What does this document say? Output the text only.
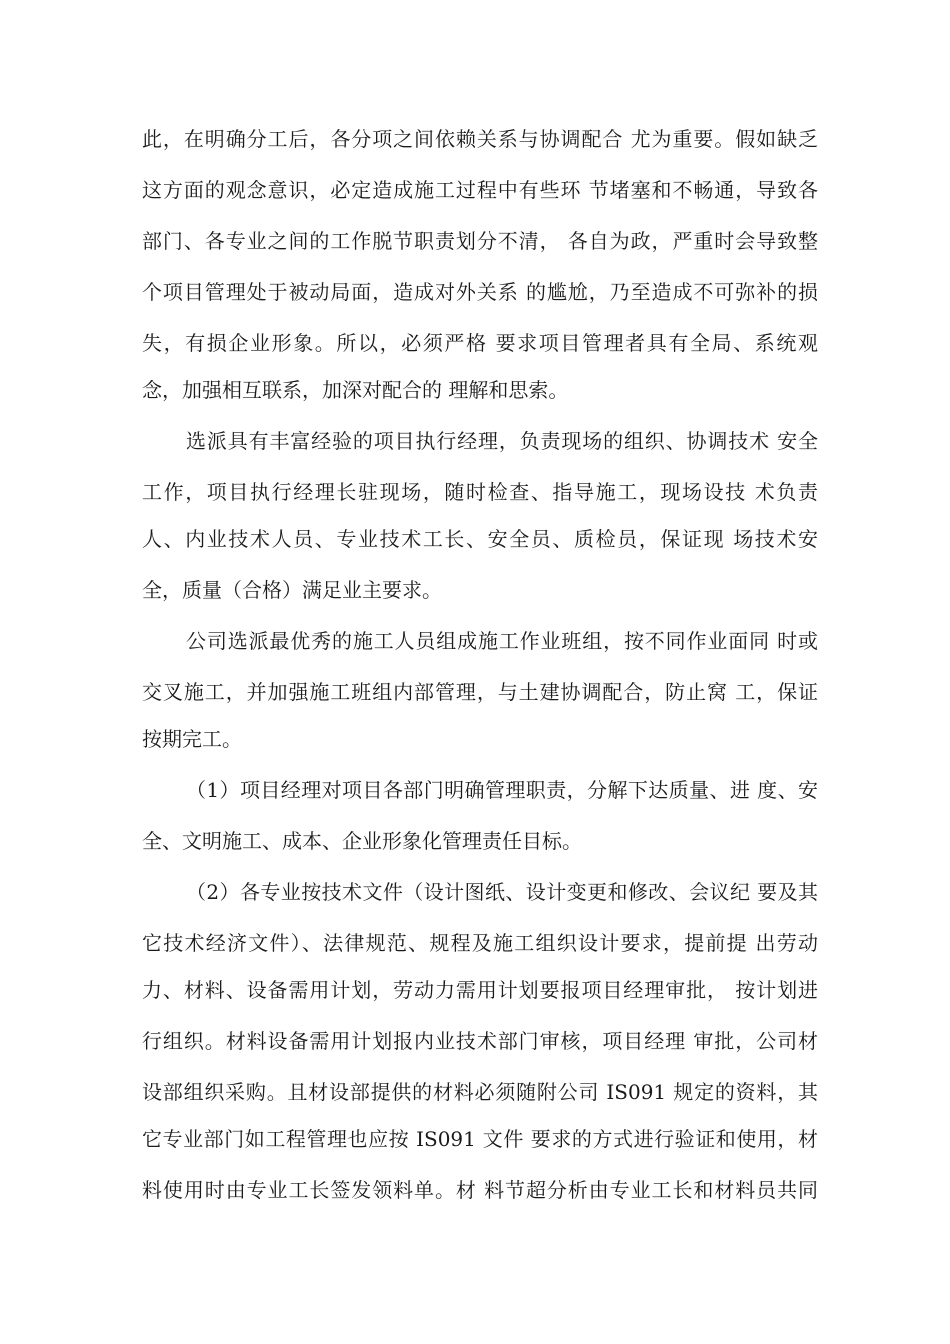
此，在明确分工后，各分项之间依赖关系与协调配合 尤为重要。假如缺乏
这方面的观念意识，必定造成施工过程中有些环 节堵塞和不畅通，导致各
部门、各专业之间的工作脱节职责划分不清， 各自为政，严重时会导致整
个项目管理处于被动局面，造成对外关系 的尴尬，乃至造成不可弥补的损
失，有损企业形象。所以，必须严格 要求项目管理者具有全局、系统观
念，加强相互联系，加深对配合的 理解和思索。
选派具有丰富经验的项目执行经理，负责现场的组织、协调技术 安全
工作，项目执行经理长驻现场，随时检查、指导施工，现场设技 术负责
人、内业技术人员、专业技术工长、安全员、质检员，保证现 场技术安
全，质量（合格）满足业主要求。
公司选派最优秀的施工人员组成施工作业班组，按不同作业面同 时或
交叉施工，并加强施工班组内部管理，与土建协调配合，防止窝 工，保证
按期完工。
（1）项目经理对项目各部门明确管理职责，分解下达质量、进 度、安
全、文明施工、成本、企业形象化管理责任目标。
（2）各专业按技术文件（设计图纸、设计变更和修改、会议纪 要及其
它技术经济文件）、法律规范、规程及施工组织设计要求，提前提 出劳动
力、材料、设备需用计划，劳动力需用计划要报项目经理审批， 按计划进
行组织。材料设备需用计划报内业技术部门审核，项目经理 审批，公司材
设部组织采购。且材设部提供的材料必须随附公司 IS091 规定的资料，其
它专业部门如工程管理也应按 IS091 文件 要求的方式进行验证和使用，材
料使用时由专业工长签发领料单。材 料节超分析由专业工长和材料员共同
